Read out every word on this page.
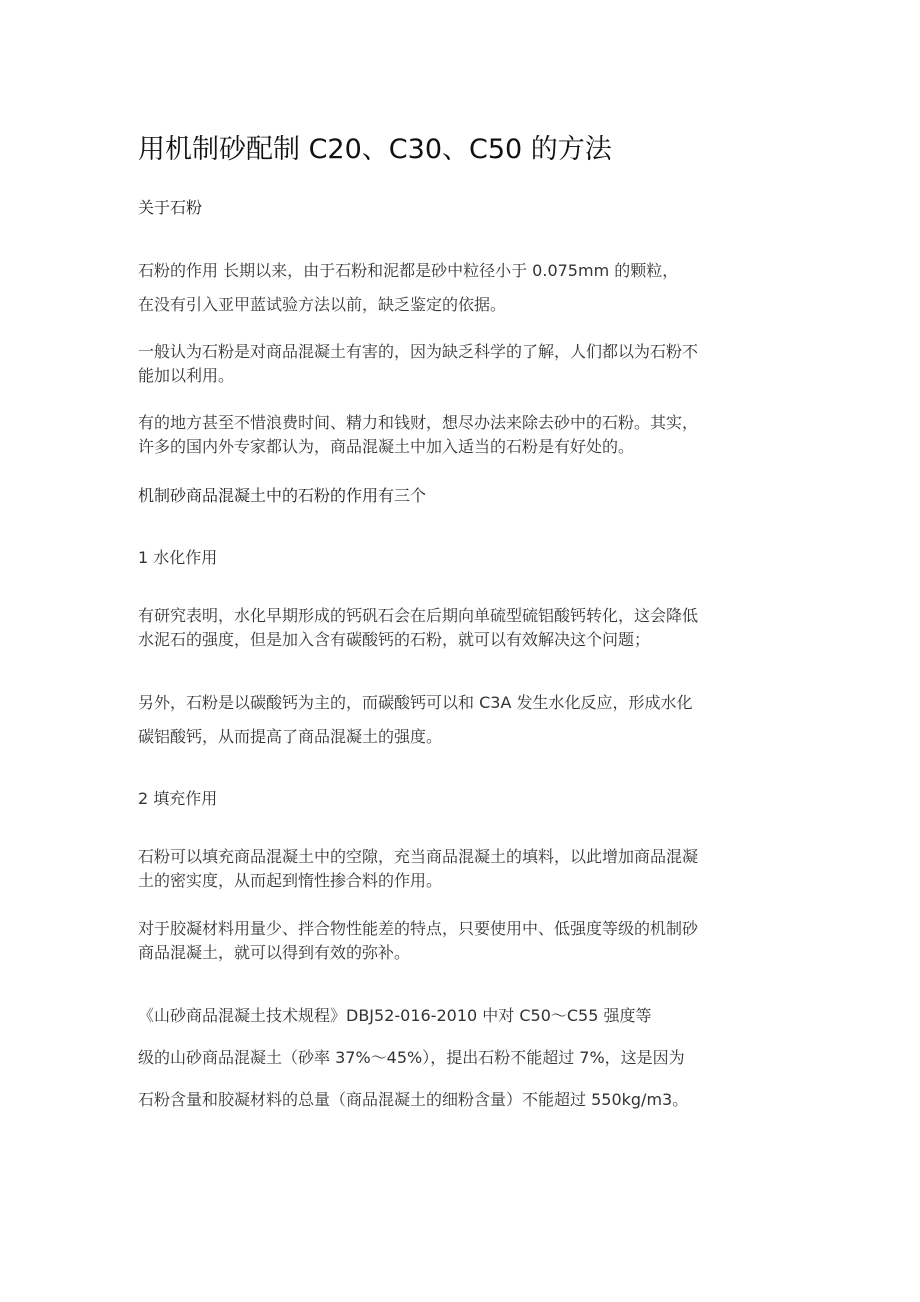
用机制砂配制 C20、C30、C50 的方法
关于石粉
石粉的作用 长期以来，由于石粉和泥都是砂中粒径小于 0.075mm 的颗粒，
在没有引入亚甲蓝试验方法以前，缺乏鉴定的依据。
一般认为石粉是对商品混凝土有害的，因为缺乏科学的了解，人们都以为石粉不
能加以利用。
有的地方甚至不惜浪费时间、精力和钱财，想尽办法来除去砂中的石粉。其实，
许多的国内外专家都认为，商品混凝土中加入适当的石粉是有好处的。
机制砂商品混凝土中的石粉的作用有三个
1 水化作用
有研究表明，水化早期形成的钙矾石会在后期向单硫型硫铝酸钙转化，这会降低
水泥石的强度，但是加入含有碳酸钙的石粉，就可以有效解决这个问题；
另外，石粉是以碳酸钙为主的，而碳酸钙可以和 C3A 发生水化反应，形成水化
碳铝酸钙，从而提高了商品混凝土的强度。
2 填充作用
石粉可以填充商品混凝土中的空隙，充当商品混凝土的填料，以此增加商品混凝
土的密实度，从而起到惰性掺合料的作用。
对于胶凝材料用量少、拌合物性能差的特点，只要使用中、低强度等级的机制砂
商品混凝土，就可以得到有效的弥补。
《山砂商品混凝土技术规程》DBJ52-016-2010 中对 C50～C55 强度等
级的山砂商品混凝土（砂率 37%～45%），提出石粉不能超过 7%，这是因为
石粉含量和胶凝材料的总量（商品混凝土的细粉含量）不能超过 550kg/m3。
